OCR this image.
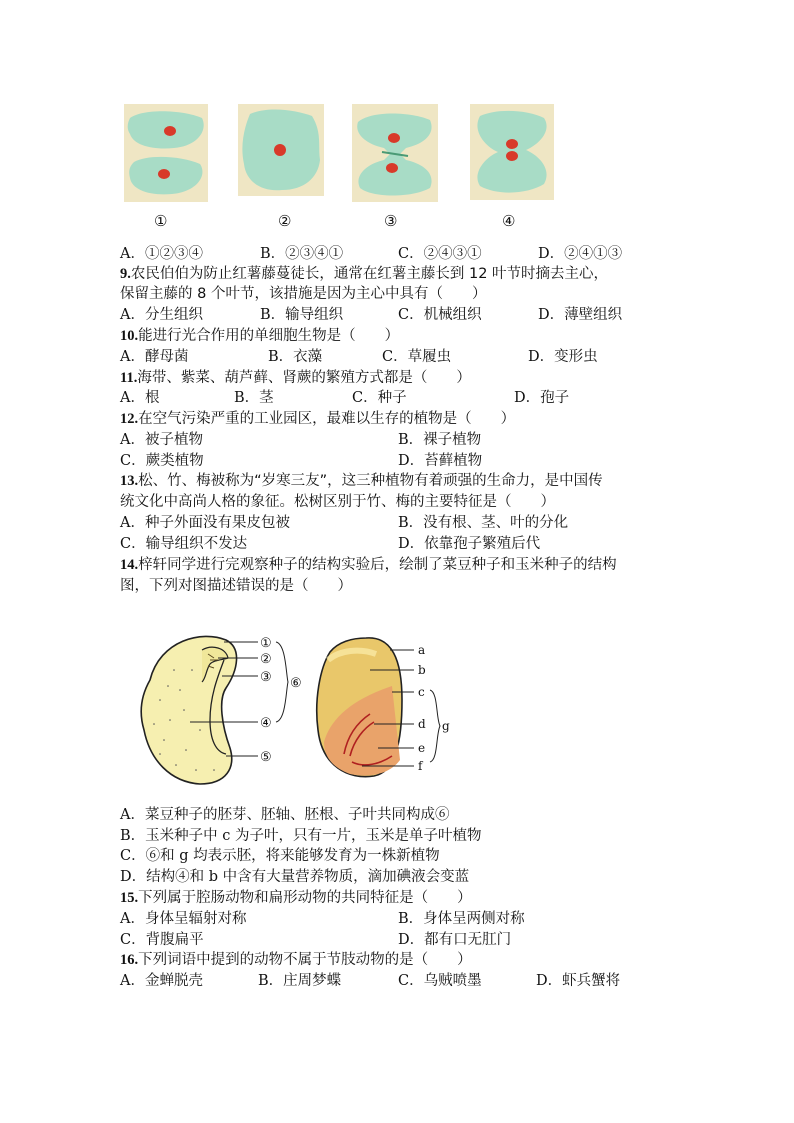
①	②	③	④
A．①②③④	B．②③④①	C．②④③①	D．②④①③
9.农民伯伯为防止红薯藤蔓徒长，通常在红薯主藤长到 12 叶节时摘去主心，
保留主藤的 8 个叶节，该措施是因为主心中具有（　　）
A．分生组织	B．输导组织	C．机械组织	D．薄壁组织
10.能进行光合作用的单细胞生物是（　　）
A．酵母菌	B．衣藻	C．草履虫	D．变形虫
11.海带、紫菜、葫芦藓、肾蕨的繁殖方式都是（　　）
A．根	B．茎	C．种子	D．孢子
12.在空气污染严重的工业园区，最难以生存的植物是（　　）
A．被子植物	B．裸子植物
C．蕨类植物	D．苔藓植物
13.松、竹、梅被称为“岁寒三友”，这三种植物有着顽强的生命力，是中国传
统文化中高尚人格的象征。松树区别于竹、梅的主要特征是（　　）
A．种子外面没有果皮包被	B．没有根、茎、叶的分化
C．输导组织不发达	D．依靠孢子繁殖后代
14.梓轩同学进行完观察种子的结构实验后，绘制了菜豆种子和玉米种子的结构
图，下列对图描述错误的是（　　）
①
②
③
④
⑤
⑥
a
b
c
d
e
f
g
A．菜豆种子的胚芽、胚轴、胚根、子叶共同构成⑥
B．玉米种子中 c 为子叶，只有一片，玉米是单子叶植物
C．⑥和 g 均表示胚，将来能够发育为一株新植物
D．结构④和 b 中含有大量营养物质，滴加碘液会变蓝
15.下列属于腔肠动物和扁形动物的共同特征是（　　）
A．身体呈辐射对称	B．身体呈两侧对称
C．背腹扁平	D．都有口无肛门
16.下列词语中提到的动物不属于节肢动物的是（　　）
A．金蝉脱壳	B．庄周梦蝶	C．乌贼喷墨	D．虾兵蟹将
